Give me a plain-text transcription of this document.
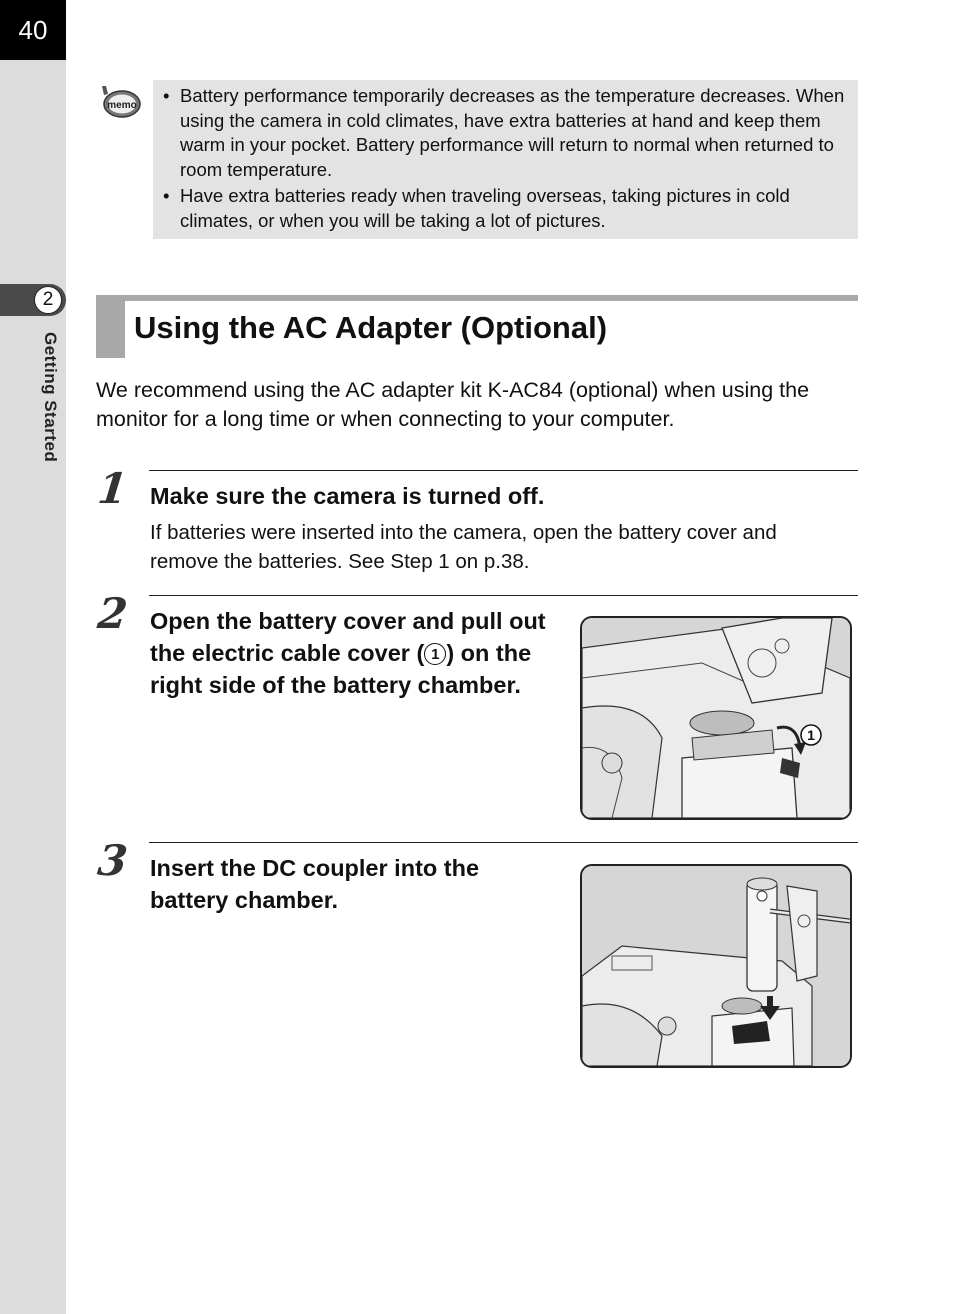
40
2
Getting Started
memo • Battery performance temporarily decreases as the temperature decreases. When using the camera in cold climates, have extra batteries at hand and keep them warm in your pocket. Battery performance will return to normal when returned to room temperature.
• Have extra batteries ready when traveling overseas, taking pictures in cold climates, or when you will be taking a lot of pictures.
Using the AC Adapter (Optional)

We recommend using the AC adapter kit K-AC84 (optional) when using the monitor for a long time or when connecting to your computer.

1 Make sure the camera is turned off.

If batteries were inserted into the camera, open the battery cover and remove the batteries. See Step 1 on p.38.

2 Open the battery cover and pull out the electric cable cover ( 1 ) on the right side of the battery chamber.
1
3 Insert the DC coupler into the battery chamber.
